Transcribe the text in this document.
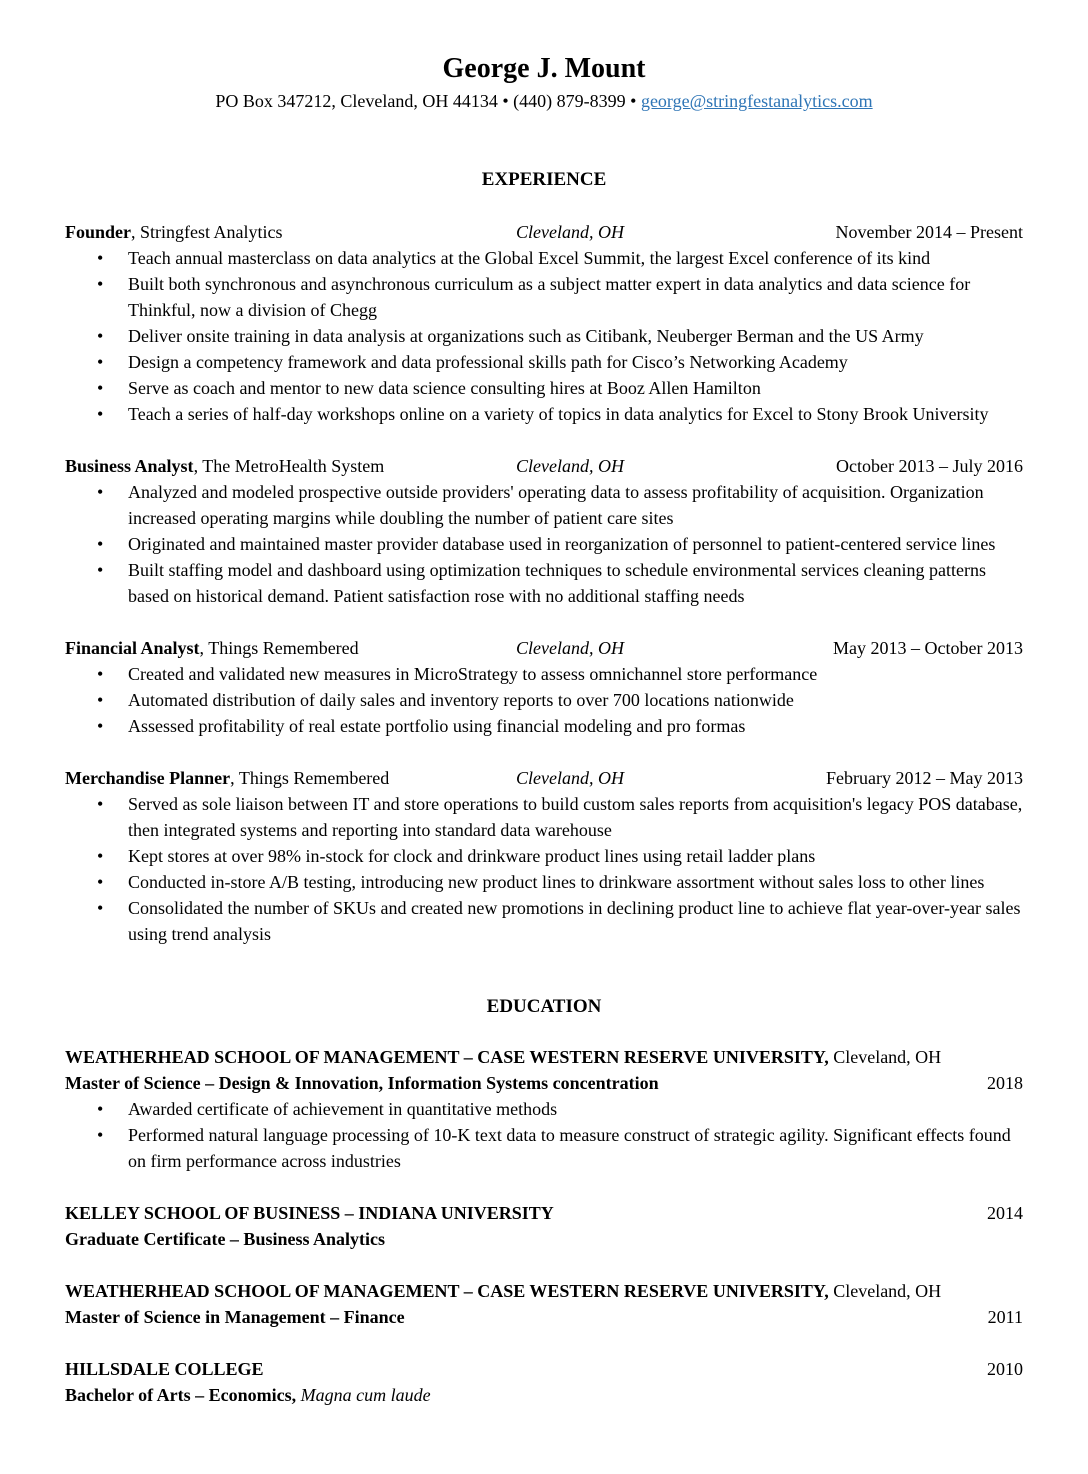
George J. Mount

PO Box 347212, Cleveland, OH 44134 • (440) 879-8399 • george@stringfestanalytics.com

EXPERIENCE
Founder, Stringfest Analytics	Cleveland, OH	November 2014 – Present
• Teach annual masterclass on data analytics at the Global Excel Summit, the largest Excel conference of its kind
• Built both synchronous and asynchronous curriculum as a subject matter expert in data analytics and data science for Thinkful, now a division of Chegg
• Deliver onsite training in data analysis at organizations such as Citibank, Neuberger Berman and the US Army
• Design a competency framework and data professional skills path for Cisco’s Networking Academy
• Serve as coach and mentor to new data science consulting hires at Booz Allen Hamilton
• Teach a series of half-day workshops online on a variety of topics in data analytics for Excel to Stony Brook University
Business Analyst, The MetroHealth System	Cleveland, OH	October 2013 – July 2016
• Analyzed and modeled prospective outside providers' operating data to assess profitability of acquisition. Organization increased operating margins while doubling the number of patient care sites
• Originated and maintained master provider database used in reorganization of personnel to patient-centered service lines
• Built staffing model and dashboard using optimization techniques to schedule environmental services cleaning patterns based on historical demand. Patient satisfaction rose with no additional staffing needs
Financial Analyst, Things Remembered	Cleveland, OH	May 2013 – October 2013
• Created and validated new measures in MicroStrategy to assess omnichannel store performance
• Automated distribution of daily sales and inventory reports to over 700 locations nationwide
• Assessed profitability of real estate portfolio using financial modeling and pro formas
Merchandise Planner, Things Remembered	Cleveland, OH	February 2012 – May 2013
• Served as sole liaison between IT and store operations to build custom sales reports from acquisition's legacy POS database, then integrated systems and reporting into standard data warehouse
• Kept stores at over 98% in-stock for clock and drinkware product lines using retail ladder plans
• Conducted in-store A/B testing, introducing new product lines to drinkware assortment without sales loss to other lines
• Consolidated the number of SKUs and created new promotions in declining product line to achieve flat year-over-year sales using trend analysis
EDUCATION
WEATHERHEAD SCHOOL OF MANAGEMENT – CASE WESTERN RESERVE UNIVERSITY, Cleveland, OH
Master of Science – Design & Innovation, Information Systems concentration	2018
• Awarded certificate of achievement in quantitative methods
• Performed natural language processing of 10-K text data to measure construct of strategic agility. Significant effects found on firm performance across industries
KELLEY SCHOOL OF BUSINESS – INDIANA UNIVERSITY	2014
Graduate Certificate – Business Analytics
WEATHERHEAD SCHOOL OF MANAGEMENT – CASE WESTERN RESERVE UNIVERSITY, Cleveland, OH
Master of Science in Management – Finance	2011
HILLSDALE COLLEGE	2010
Bachelor of Arts – Economics, Magna cum laude
